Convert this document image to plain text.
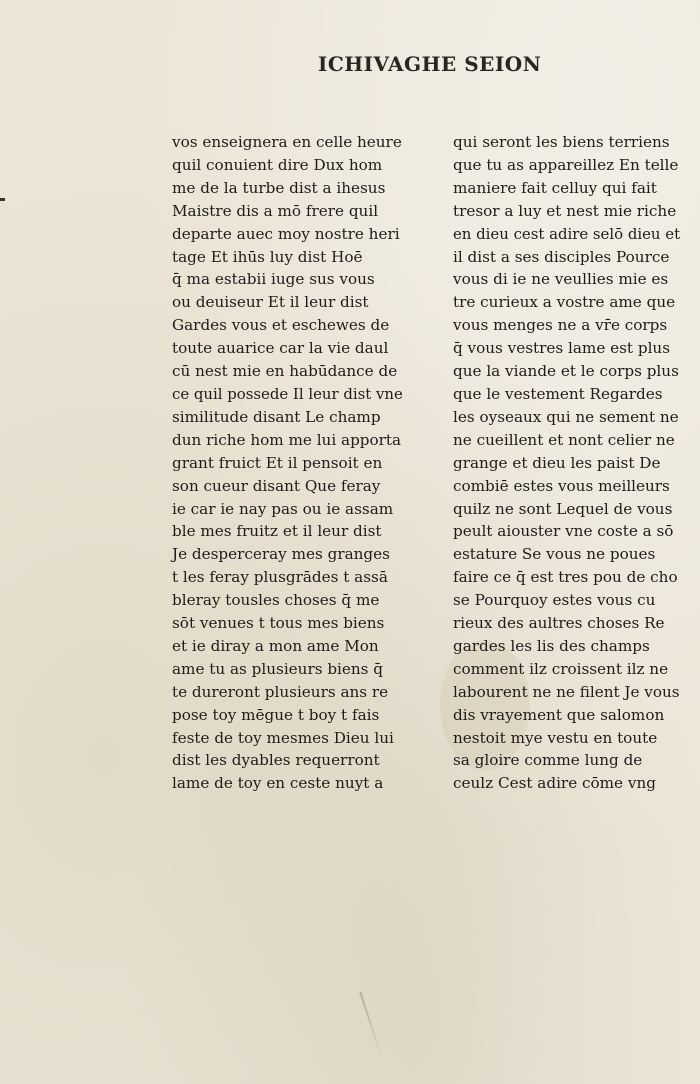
ICHIVAGHE SEION
vos enseignera en celle heure
quil conuient dire Dux hom
me de la turbe dist a ihesus
Maistre dis a mō frere quil
departe auec moy nostre heri
tage Et ihūs luy dist Hoē
q̄ ma estabii iuge sus vous
ou deuiseur Et il leur dist
Gardes vous et eschewes de
toute auarice car la vie daul
cū nest mie en habūdance de
ce quil possede Il leur dist vne
similitude disant Le champ
dun riche hom me lui apporta
grant fruict Et il pensoit en
son cueur disant Que feray
ie car ie nay pas ou ie assam
ble mes fruitz et il leur dist
Je desperceray mes granges
t les feray plusgrādes t assā
bleray tousles choses q̄ me
sōt venues t tous mes biens
et ie diray a mon ame Mon
ame tu as plusieurs biens q̄
te dureront plusieurs ans re
pose toy mēgue t boy t fais
feste de toy mesmes Dieu lui
dist les dyables requerront
lame de toy en ceste nuyt a
qui seront les biens terriens
que tu as appareillez En telle
maniere fait celluy qui fait
tresor a luy et nest mie riche
en dieu cest adire selō dieu et
il dist a ses disciples Pource
vous di ie ne veullies mie es
tre curieux a vostre ame que
vous menges ne a vr̄e corps
q̄ vous vestres lame est plus
que la viande et le corps plus
que le vestement Regardes
les oyseaux qui ne sement ne
ne cueillent et nont celier ne
grange et dieu les paist De
combiē estes vous meilleurs
quilz ne sont Lequel de vous
peult aiouster vne coste a sō
estature Se vous ne poues
faire ce q̄ est tres pou de cho
se Pourquoy estes vous cu
rieux des aultres choses Re
gardes les lis des champs
comment ilz croissent ilz ne
labourent ne ne filent Je vous
dis vrayement que salomon
nestoit mye vestu en toute
sa gloire comme lung de
ceulz Cest adire cōme vng
